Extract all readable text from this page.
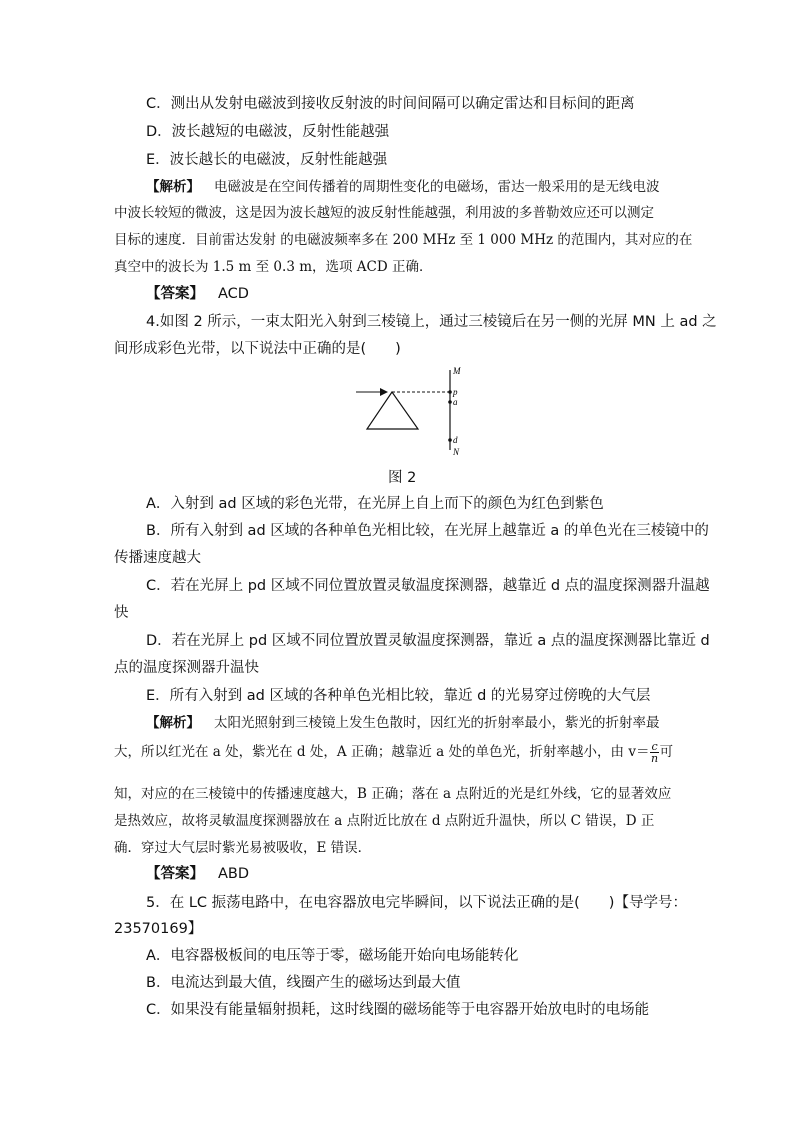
C．测出从发射电磁波到接收反射波的时间间隔可以确定雷达和目标间的距离
D．波长越短的电磁波，反射性能越强
E．波长越长的电磁波，反射性能越强
【解析】 电磁波是在空间传播着的周期性变化的电磁场，雷达一般采用的是无线电波
中波长较短的微波，这是因为波长越短的波反射性能越强，利用波的多普勒效应还可以测定
目标的速度．目前雷达发射 的电磁波频率多在 200 MHz 至 1 000 MHz 的范围内，其对应的在
真空中的波长为 1.5 m 至 0.3 m，选项 ACD 正确．
【答案】 ACD
4.如图 2 所示，一束太阳光入射到三棱镜上，通过三棱镜后在另一侧的光屏 MN 上 ad 之
间形成彩色光带，以下说法中正确的是(　　)
M
p
a
d
N
图 2
A．入射到 ad 区域的彩色光带，在光屏上自上而下的颜色为红色到紫色
B．所有入射到 ad 区域的各种单色光相比较，在光屏上越靠近 a 的单色光在三棱镜中的
传播速度越大
C．若在光屏上 pd 区域不同位置放置灵敏温度探测器，越靠近 d 点的温度探测器升温越
快
D．若在光屏上 pd 区域不同位置放置灵敏温度探测器，靠近 a 点的温度探测器比靠近 d
点的温度探测器升温快
E．所有入射到 ad 区域的各种单色光相比较，靠近 d 的光易穿过傍晚的大气层
【解析】 太阳光照射到三棱镜上发生色散时，因红光的折射率最小，紫光的折射率最
大，所以红光在 a 处，紫光在 d 处，A 正确；越靠近 a 处的单色光，折射率越小，由 $v= \frac{c}{n}$ 可
知，对应的在三棱镜中的传播速度越大，B 正确；落在 a 点附近的光是红外线，它的显著效应
是热效应，故将灵敏温度探测器放在 a 点附近比放在 d 点附近升温快，所以 C 错误，D 正
确．穿过大气层时紫光易被吸收，E 错误．
【答案】 ABD
5．在 LC 振荡电路中，在电容器放电完毕瞬间，以下说法正确的是(　　)【导学号：
23570169】
A．电容器极板间的电压等于零，磁场能开始向电场能转化
B．电流达到最大值，线圈产生的磁场达到最大值
C．如果没有能量辐射损耗，这时线圈的磁场能等于电容器开始放电时的电场能
